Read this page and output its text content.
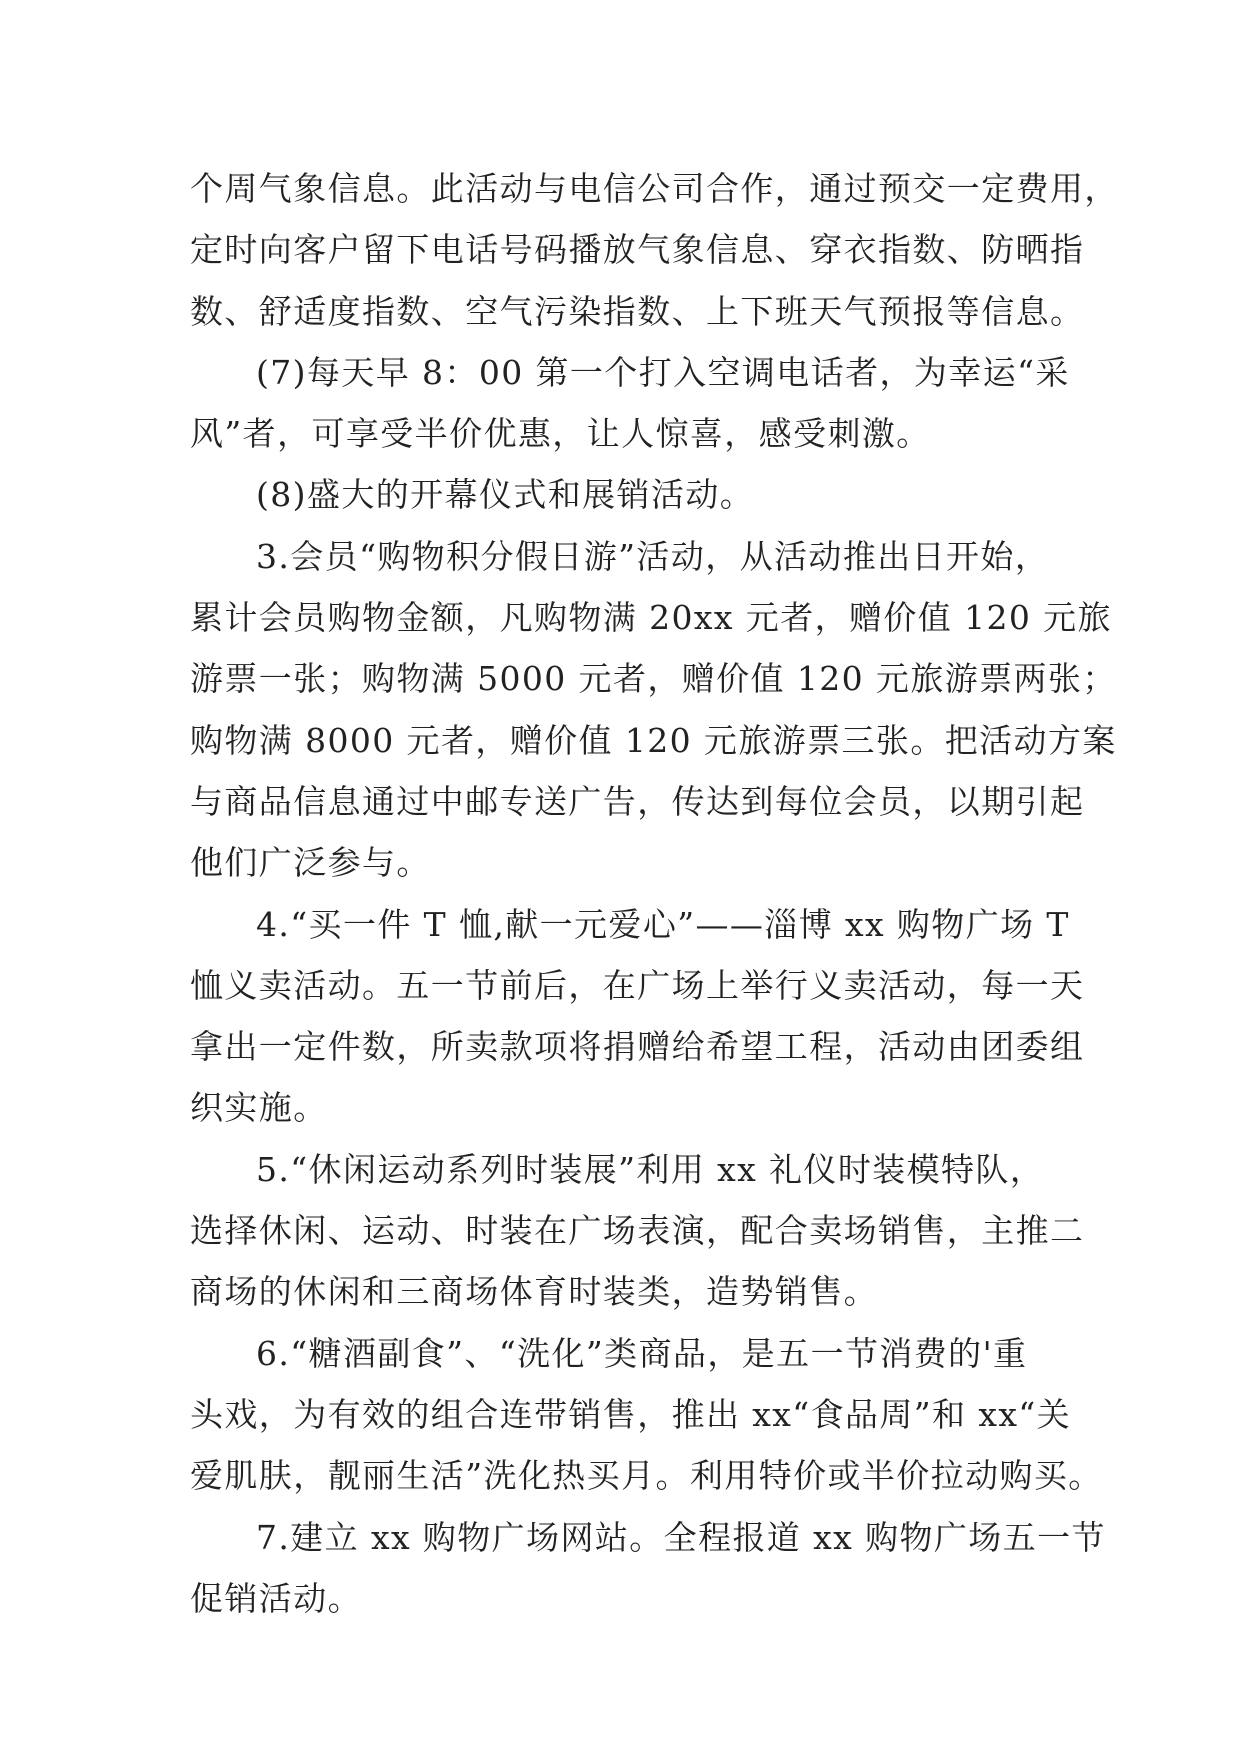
个周气象信息。此活动与电信公司合作，通过预交一定费用，
定时向客户留下电话号码播放气象信息、穿衣指数、防晒指
数、舒适度指数、空气污染指数、上下班天气预报等信息。
(7)每天早 8：00 第一个打入空调电话者，为幸运“采
风”者，可享受半价优惠，让人惊喜，感受刺激。
(8)盛大的开幕仪式和展销活动。
3.会员“购物积分假日游”活动，从活动推出日开始，
累计会员购物金额，凡购物满 20xx 元者，赠价值 120 元旅
游票一张；购物满 5000 元者，赠价值 120 元旅游票两张；
购物满 8000 元者，赠价值 120 元旅游票三张。把活动方案
与商品信息通过中邮专送广告，传达到每位会员，以期引起
他们广泛参与。
4.“买一件 T 恤,献一元爱心”——淄博 xx 购物广场 T
恤义卖活动。五一节前后，在广场上举行义卖活动，每一天
拿出一定件数，所卖款项将捐赠给希望工程，活动由团委组
织实施。
5.“休闲运动系列时装展”利用 xx 礼仪时装模特队，
选择休闲、运动、时装在广场表演，配合卖场销售，主推二
商场的休闲和三商场体育时装类，造势销售。
6.“糖酒副食”、“洗化”类商品，是五一节消费的'重
头戏，为有效的组合连带销售，推出 xx“食品周”和 xx“关
爱肌肤，靓丽生活”洗化热买月。利用特价或半价拉动购买。
7.建立 xx 购物广场网站。全程报道 xx 购物广场五一节
促销活动。
